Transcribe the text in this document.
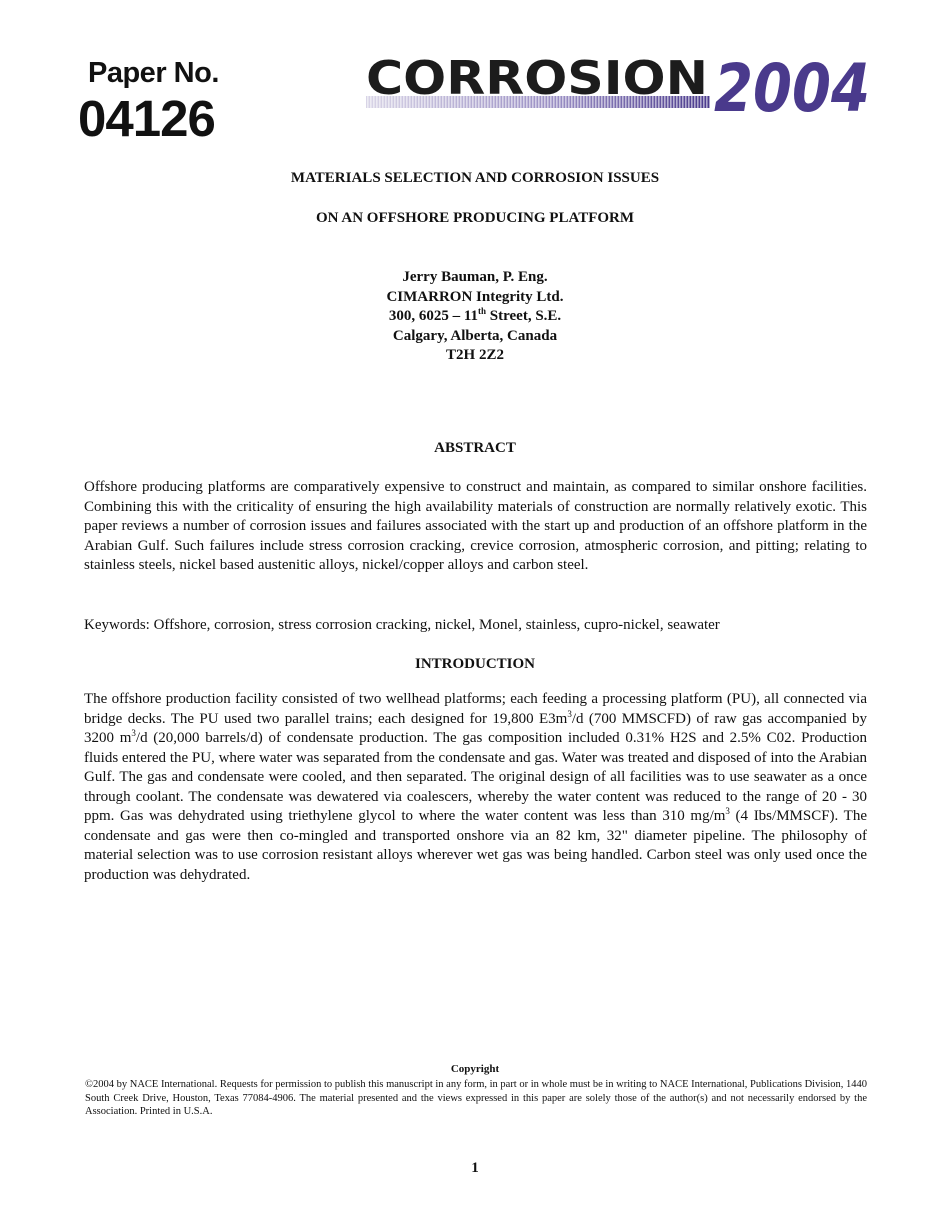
Paper No.
04126
CORROSION 2004
MATERIALS SELECTION AND CORROSION ISSUES
ON AN OFFSHORE PRODUCING PLATFORM
Jerry Bauman, P. Eng.
CIMARRON Integrity Ltd.
300, 6025 – 11th Street, S.E.
Calgary, Alberta, Canada
T2H 2Z2
ABSTRACT
Offshore producing platforms are comparatively expensive to construct and maintain, as compared to similar onshore facilities. Combining this with the criticality of ensuring the high availability materials of construction are normally relatively exotic. This paper reviews a number of corrosion issues and failures associated with the start up and production of an offshore platform in the Arabian Gulf. Such failures include stress corrosion cracking, crevice corrosion, atmospheric corrosion, and pitting; relating to stainless steels, nickel based austenitic alloys, nickel/copper alloys and carbon steel.
Keywords: Offshore, corrosion, stress corrosion cracking, nickel, Monel, stainless, cupro-nickel, seawater
INTRODUCTION
The offshore production facility consisted of two wellhead platforms; each feeding a processing platform (PU), all connected via bridge decks. The PU used two parallel trains; each designed for 19,800 $E3m^3/d$ (700 MMSCFD) of raw gas accompanied by 3200 $m^3/d$ (20,000 barrels/d) of condensate production. The gas composition included 0.31% H2S and 2.5% C02. Production fluids entered the PU, where water was separated from the condensate and gas. Water was treated and disposed of into the Arabian Gulf. The gas and condensate were cooled, and then separated. The original design of all facilities was to use seawater as a once through coolant. The condensate was dewatered via coalescers, whereby the water content was reduced to the range of 20 - 30 ppm. Gas was dehydrated using triethylene glycol to where the water content was less than 310 $mg/m^3$ (4 Ibs/MMSCF). The condensate and gas were then co-mingled and transported onshore via an 82 km, 32" diameter pipeline. The philosophy of material selection was to use corrosion resistant alloys wherever wet gas was being handled. Carbon steel was only used once the production was dehydrated.
Copyright
©2004 by NACE International. Requests for permission to publish this manuscript in any form, in part or in whole must be in writing to NACE International, Publications Division, 1440 South Creek Drive, Houston, Texas 77084-4906. The material presented and the views expressed in this paper are solely those of the author(s) and not necessarily endorsed by the Association. Printed in U.S.A.
1
